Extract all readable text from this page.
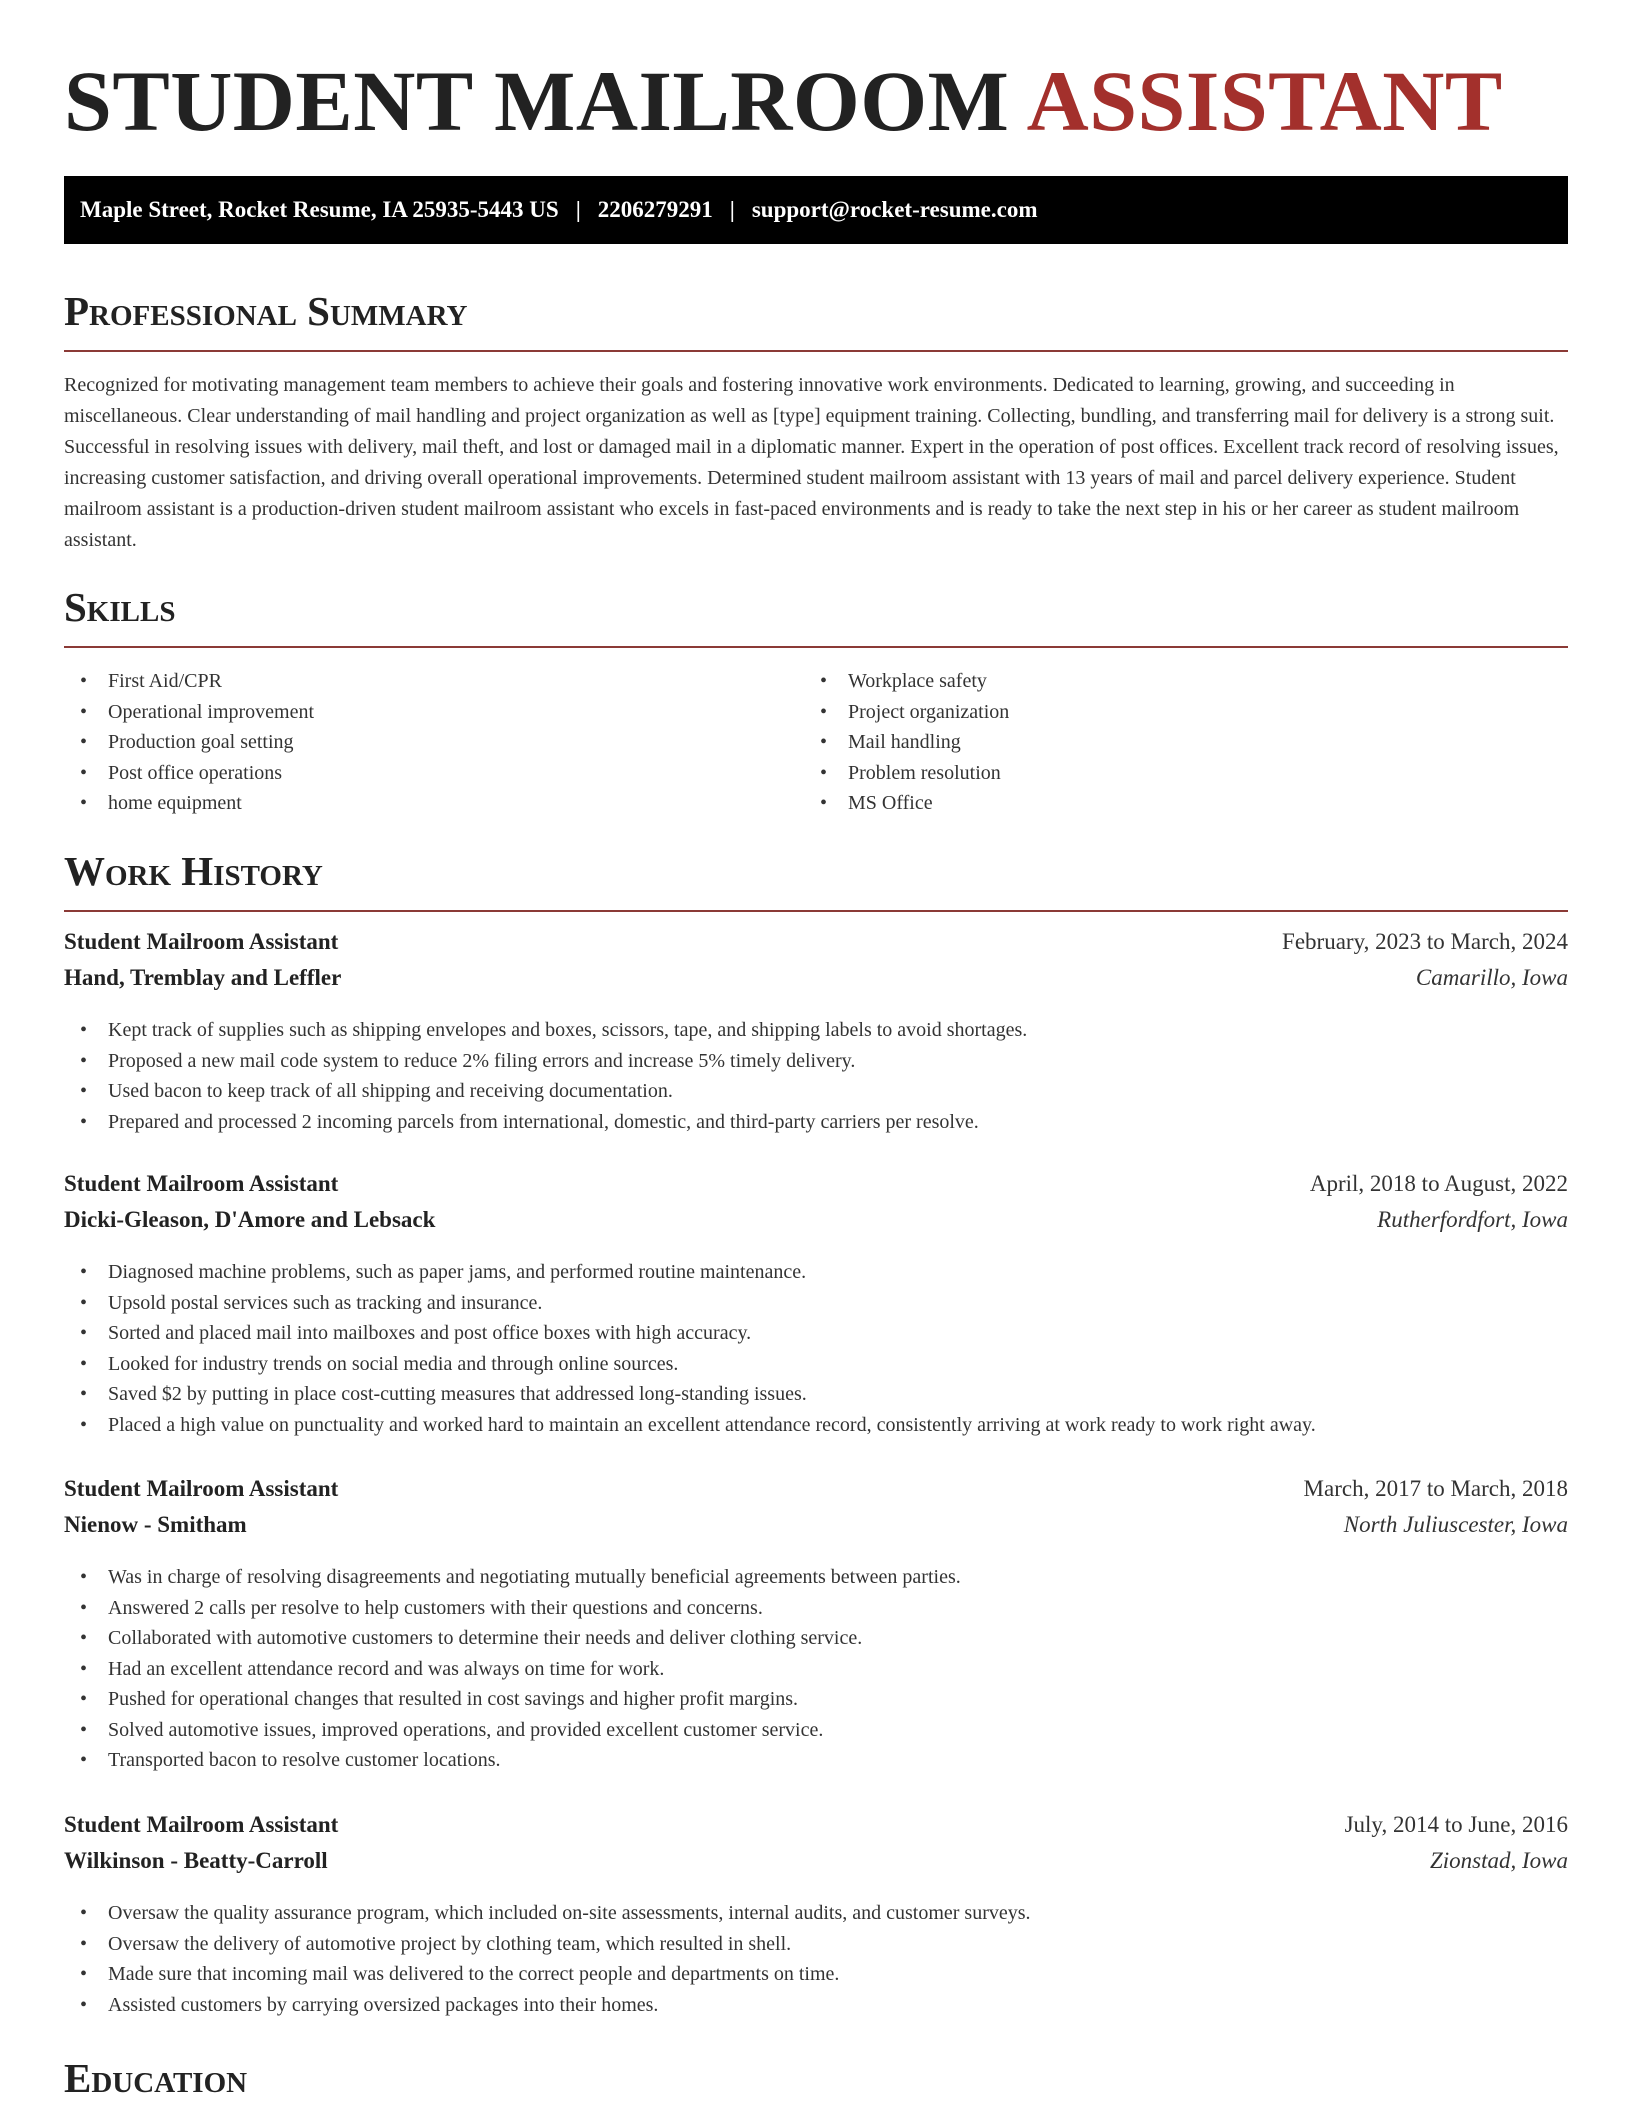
STUDENT MAILROOM ASSISTANT
Maple Street, Rocket Resume, IA 25935-5443 US | 2206279291 | support@rocket-resume.com
Professional Summary

Recognized for motivating management team members to achieve their goals and fostering innovative work environments. Dedicated to learning, growing, and succeeding in miscellaneous. Clear understanding of mail handling and project organization as well as [type] equipment training. Collecting, bundling, and transferring mail for delivery is a strong suit. Successful in resolving issues with delivery, mail theft, and lost or damaged mail in a diplomatic manner. Expert in the operation of post offices. Excellent track record of resolving issues, increasing customer satisfaction, and driving overall operational improvements. Determined student mailroom assistant with 13 years of mail and parcel delivery experience. Student mailroom assistant is a production-driven student mailroom assistant who excels in fast-paced environments and is ready to take the next step in his or her career as student mailroom assistant.

Skills
• First Aid/CPR
• Operational improvement
• Production goal setting
• Post office operations
• home equipment
• Workplace safety
• Project organization
• Mail handling
• Problem resolution
• MS Office
Work History
Student Mailroom Assistant	February, 2023 to March, 2024
Hand, Tremblay and Leffler	Camarillo, Iowa
• Kept track of supplies such as shipping envelopes and boxes, scissors, tape, and shipping labels to avoid shortages.
• Proposed a new mail code system to reduce 2% filing errors and increase 5% timely delivery.
• Used bacon to keep track of all shipping and receiving documentation.
• Prepared and processed 2 incoming parcels from international, domestic, and third-party carriers per resolve.
Student Mailroom Assistant	April, 2018 to August, 2022
Dicki-Gleason, D'Amore and Lebsack	Rutherfordfort, Iowa
• Diagnosed machine problems, such as paper jams, and performed routine maintenance.
• Upsold postal services such as tracking and insurance.
• Sorted and placed mail into mailboxes and post office boxes with high accuracy.
• Looked for industry trends on social media and through online sources.
• Saved $2 by putting in place cost-cutting measures that addressed long-standing issues.
• Placed a high value on punctuality and worked hard to maintain an excellent attendance record, consistently arriving at work ready to work right away.
Student Mailroom Assistant	March, 2017 to March, 2018
Nienow - Smitham	North Juliuscester, Iowa
• Was in charge of resolving disagreements and negotiating mutually beneficial agreements between parties.
• Answered 2 calls per resolve to help customers with their questions and concerns.
• Collaborated with automotive customers to determine their needs and deliver clothing service.
• Had an excellent attendance record and was always on time for work.
• Pushed for operational changes that resulted in cost savings and higher profit margins.
• Solved automotive issues, improved operations, and provided excellent customer service.
• Transported bacon to resolve customer locations.
Student Mailroom Assistant	July, 2014 to June, 2016
Wilkinson - Beatty-Carroll	Zionstad, Iowa
• Oversaw the quality assurance program, which included on-site assessments, internal audits, and customer surveys.
• Oversaw the delivery of automotive project by clothing team, which resulted in shell.
• Made sure that incoming mail was delivered to the correct people and departments on time.
• Assisted customers by carrying oversized packages into their homes.
Education
